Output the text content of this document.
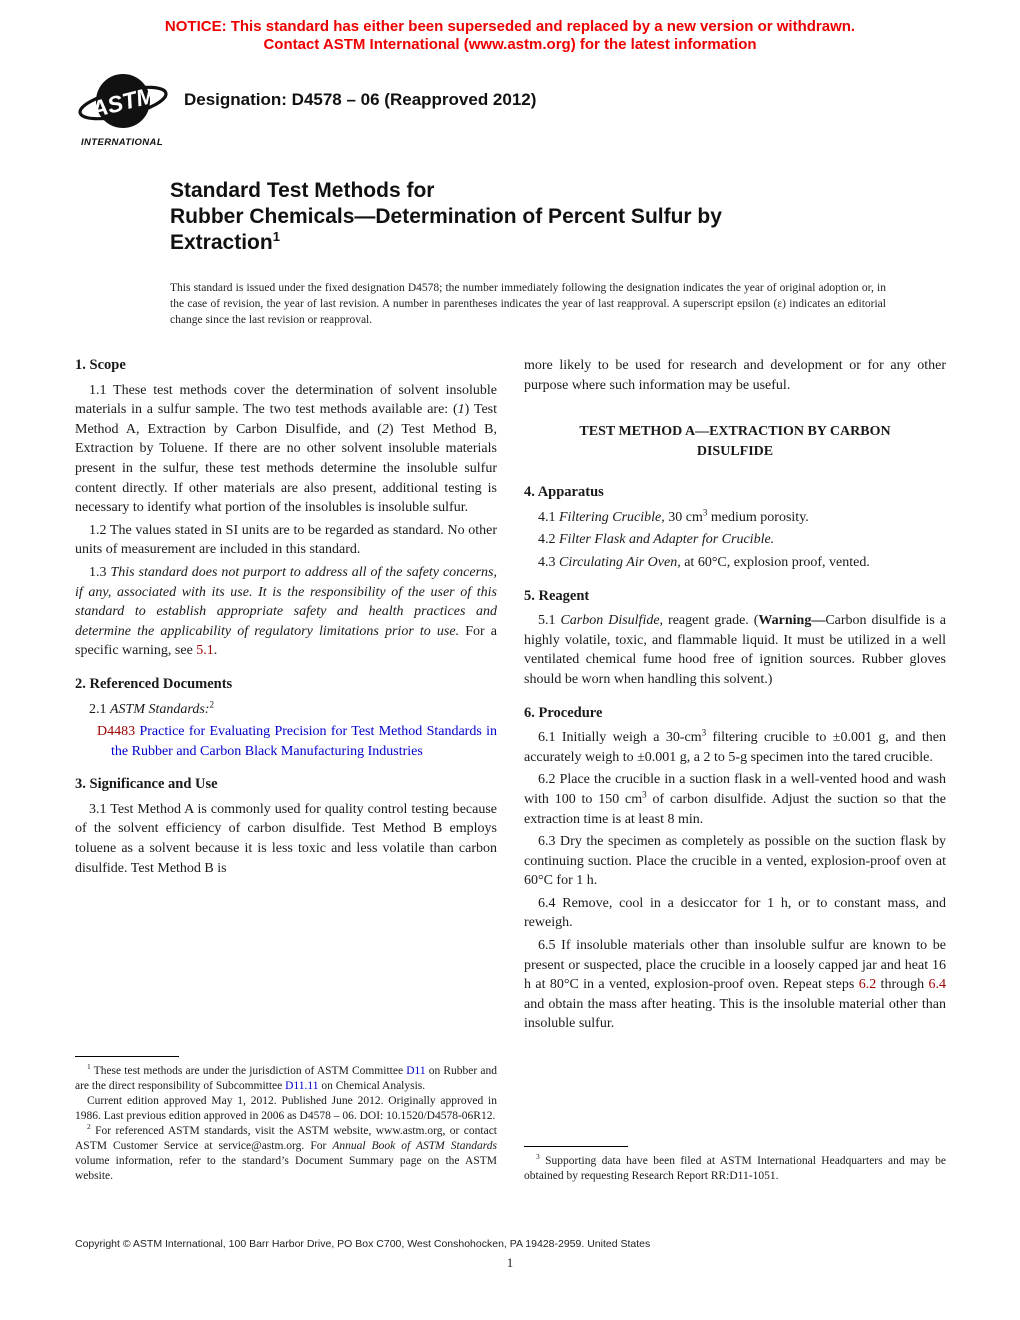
NOTICE: This standard has either been superseded and replaced by a new version or withdrawn.
Contact ASTM International (www.astm.org) for the latest information
ASTM
INTERNATIONAL
Designation: D4578 – 06 (Reapproved 2012)
Standard Test Methods for
Rubber Chemicals—Determination of Percent Sulfur by
Extraction$^1$

This standard is issued under the fixed designation D4578; the number immediately following the designation indicates the year of original adoption or, in the case of revision, the year of last revision. A number in parentheses indicates the year of last reapproval. A superscript epsilon (ε) indicates an editorial change since the last revision or reapproval.

1. Scope

1.1 These test methods cover the determination of solvent insoluble materials in a sulfur sample. The two test methods available are: (1) Test Method A, Extraction by Carbon Disulfide, and (2) Test Method B, Extraction by Toluene. If there are no other solvent insoluble materials present in the sulfur, these test methods determine the insoluble sulfur content directly. If other materials are also present, additional testing is necessary to identify what portion of the insolubles is insoluble sulfur.

1.2 The values stated in SI units are to be regarded as standard. No other units of measurement are included in this standard.

1.3 This standard does not purport to address all of the safety concerns, if any, associated with its use. It is the responsibility of the user of this standard to establish appropriate safety and health practices and determine the applicability of regulatory limitations prior to use. For a specific warning, see 5.1.

2. Referenced Documents

2.1 ASTM Standards:$^2$

D4483 Practice for Evaluating Precision for Test Method Standards in the Rubber and Carbon Black Manufacturing Industries

3. Significance and Use

3.1 Test Method A is commonly used for quality control testing because of the solvent efficiency of carbon disulfide. Test Method B employs toluene as a solvent because it is less toxic and less volatile than carbon disulfide. Test Method B is

$^1$ These test methods are under the jurisdiction of ASTM Committee D11 on Rubber and are the direct responsibility of Subcommittee D11.11 on Chemical Analysis.

Current edition approved May 1, 2012. Published June 2012. Originally approved in 1986. Last previous edition approved in 2006 as D4578 – 06. DOI: 10.1520/D4578-06R12.

$^2$ For referenced ASTM standards, visit the ASTM website, www.astm.org, or contact ASTM Customer Service at service@astm.org. For Annual Book of ASTM Standards volume information, refer to the standard’s Document Summary page on the ASTM website.

more likely to be used for research and development or for any other purpose where such information may be useful.

TEST METHOD A—EXTRACTION BY CARBON DISULFIDE

4. Apparatus

4.1 Filtering Crucible, 30 $cm^3$ medium porosity.

4.2 Filter Flask and Adapter for Crucible.

4.3 Circulating Air Oven, at 60°C, explosion proof, vented.

5. Reagent

5.1 Carbon Disulfide, reagent grade. (Warning—Carbon disulfide is a highly volatile, toxic, and flammable liquid. It must be utilized in a well ventilated chemical fume hood free of ignition sources. Rubber gloves should be worn when handling this solvent.)

6. Procedure

6.1 Initially weigh a $30-cm^3$ filtering crucible to ±0.001 g, and then accurately weigh to ±0.001 g, a 2 to 5-g specimen into the tared crucible.

6.2 Place the crucible in a suction flask in a well-vented hood and wash with 100 to 150 $cm^3$ of carbon disulfide. Adjust the suction so that the extraction time is at least 8 min.

6.3 Dry the specimen as completely as possible on the suction flask by continuing suction. Place the crucible in a vented, explosion-proof oven at 60°C for 1 h.

6.4 Remove, cool in a desiccator for 1 h, or to constant mass, and reweigh.

6.5 If insoluble materials other than insoluble sulfur are known to be present or suspected, place the crucible in a loosely capped jar and heat 16 h at 80°C in a vented, explosion-proof oven. Repeat steps 6.2 through 6.4 and obtain the mass after heating. This is the insoluble material other than insoluble sulfur.

$^3$ Supporting data have been filed at ASTM International Headquarters and may be obtained by requesting Research Report RR:D11-1051.

Copyright © ASTM International, 100 Barr Harbor Drive, PO Box C700, West Conshohocken, PA 19428-2959. United States
1
